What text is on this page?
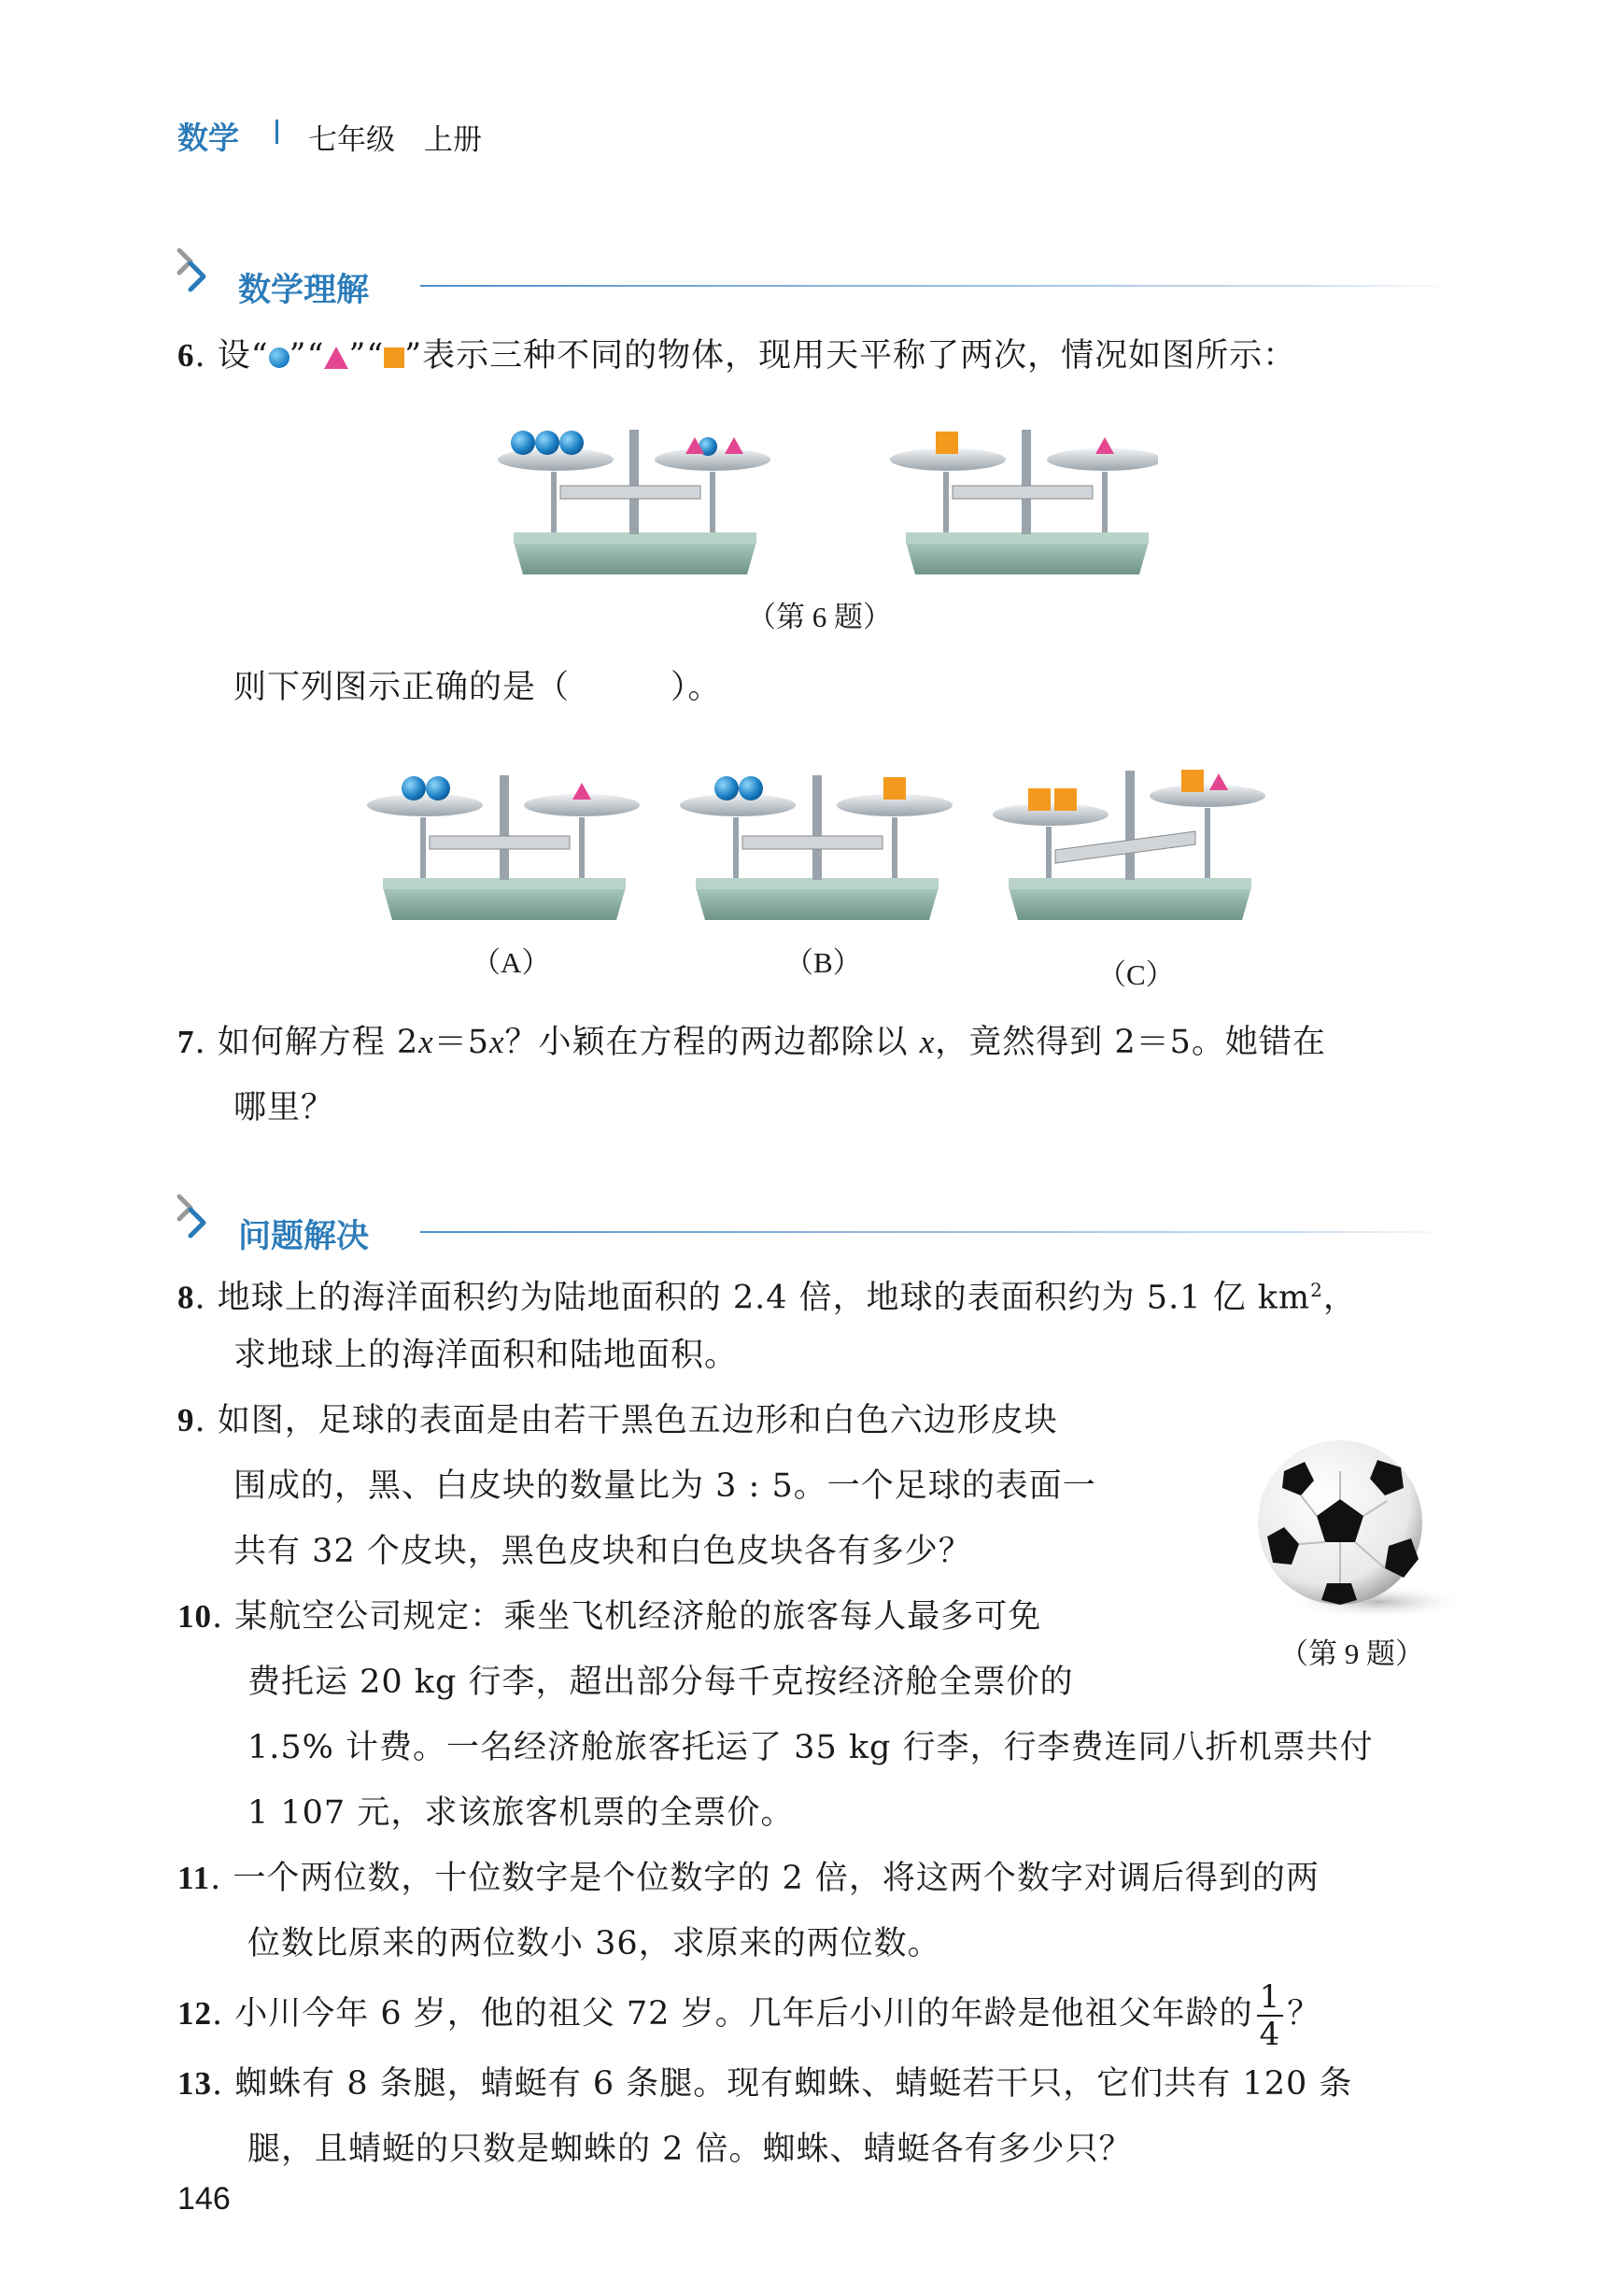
数学 七年级　上册
数学理解
6. 设“ ”“ ”“ ”表示三种不同的物体，现用天平称了两次，情况如图所示：
（第 6 题）
则下列图示正确的是（　　　）。
（A）	（B）	（C）
7. 如何解方程 2x＝5x？小颖在方程的两边都除以 x，竟然得到 2＝5。她错在
哪里？
问题解决
8. 地球上的海洋面积约为陆地面积的 2.4 倍，地球的表面积约为 5.1 亿 $km^2$，
求地球上的海洋面积和陆地面积。
9. 如图，足球的表面是由若干黑色五边形和白色六边形皮块
围成的，黑、白皮块的数量比为 3 : 5。一个足球的表面一
共有 32 个皮块，黑色皮块和白色皮块各有多少？
（第 9 题）
10. 某航空公司规定：乘坐飞机经济舱的旅客每人最多可免
费托运 20 kg 行李，超出部分每千克按经济舱全票价的
1.5% 计费。一名经济舱旅客托运了 35 kg 行李，行李费连同八折机票共付
1 107 元，求该旅客机票的全票价。
11. 一个两位数，十位数字是个位数字的 2 倍，将这两个数字对调后得到的两
位数比原来的两位数小 36，求原来的两位数。
12. 小川今年 6 岁，他的祖父 72 岁。几年后小川的年龄是他祖父年龄的 $\frac{1}{4}$ ？
13. 蜘蛛有 8 条腿，蜻蜓有 6 条腿。现有蜘蛛、蜻蜓若干只，它们共有 120 条
腿，且蜻蜓的只数是蜘蛛的 2 倍。蜘蛛、蜻蜓各有多少只？
146
